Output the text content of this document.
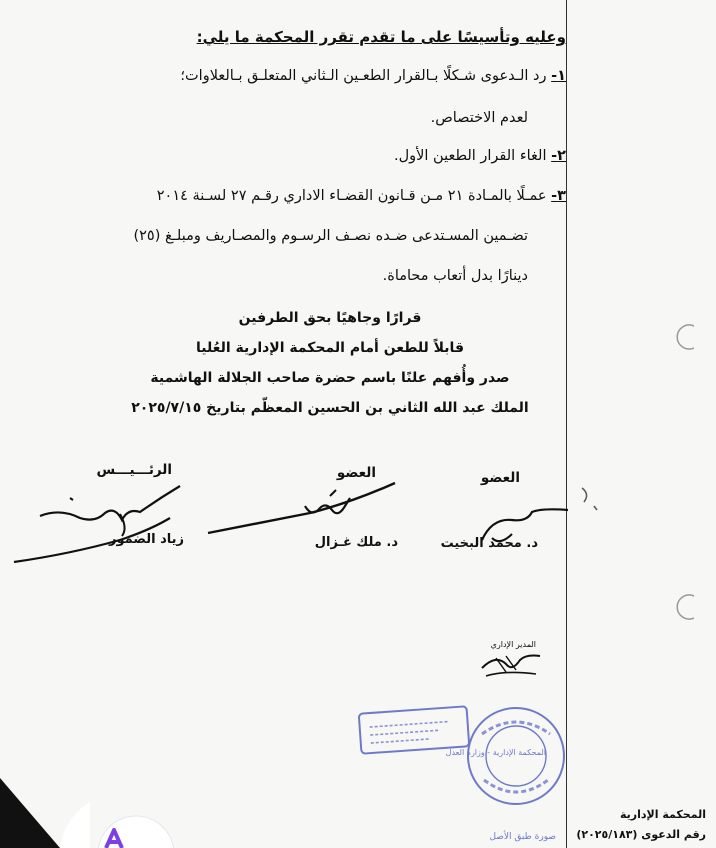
وعليه وتأسيسًا على ما تقدم تقرر المحكمة ما يلي:
١- رد الـدعوى شـكلًا بـالقرار الطعـين الـثاني المتعلـق بـالعلاوات؛
لعدم الاختصاص.
٢- الغاء القرار الطعين الأول.
٣- عمـلًا بالمـادة ٢١ مـن قـانون القضـاء الاداري رقـم ٢٧ لسـنة ٢٠١٤
تضـمين المسـتدعى ضـده نصـف الرسـوم والمصـاريف ومبلـغ (٢٥)
دينارًا بدل أتعاب محاماة.
قرارًا وجاهيًا بحق الطرفين
قابلاً للطعن أمام المحكمة الإدارية العُليا
صدر وأُفهم علنًا باسم حضرة صاحب الجلالة الهاشمية
الملك عبد الله الثاني بن الحسين المعظّم بتاريخ ٢٠٢٥/٧/١٥
الرئـــيـــس
زياد الضمور
العضو
د. ملك غـزال
العضو
د. محمد البخيت
المدير الإداري
المحكمة الإدارية - وزارة العدل
صورة طبق الأصل
المحكمة الإدارية
رقم الدعوى (٢٠٢٥/١٨٣)
